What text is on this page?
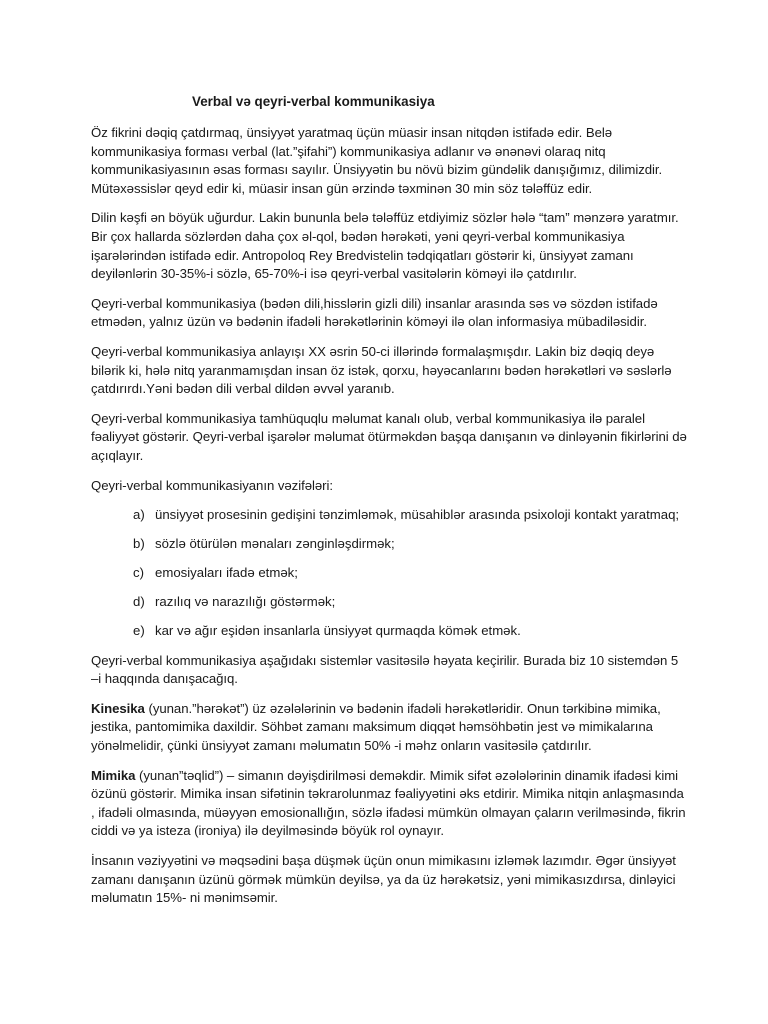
Verbal və qeyri-verbal kommunikasiya

Öz fikrini dəqiq çatdırmaq, ünsiyyət yaratmaq üçün müasir insan nitqdən istifadə edir. Belə kommunikasiya forması verbal (lat.”şifahi”) kommunikasiya adlanır və ənənəvi olaraq nitq kommunikasiyasının əsas forması sayılır. Ünsiyyətin bu növü bizim gündəlik danışığımız, dilimizdir. Mütəxəssislər qeyd edir ki, müasir insan gün ərzində təxminən 30 min söz tələffüz edir.

Dilin kəşfi ən böyük uğurdur. Lakin bununla belə tələffüz etdiyimiz sözlər hələ “tam” mənzərə yaratmır. Bir çox hallarda sözlərdən daha çox əl-qol, bədən hərəkəti, yəni qeyri-verbal kommunikasiya işarələrindən istifadə edir. Antropoloq Rey Bredvistelin tədqiqatları göstərir ki, ünsiyyət zamanı deyilənlərin 30-35%-i sözlə, 65-70%-i isə qeyri-verbal vasitələrin köməyi ilə çatdırılır.

Qeyri-verbal kommunikasiya (bədən dili,hisslərin gizli dili) insanlar arasında səs və sözdən istifadə etmədən, yalnız üzün və bədənin ifadəli hərəkətlərinin köməyi ilə olan informasiya mübadiləsidir.

Qeyri-verbal kommunikasiya anlayışı XX əsrin 50-ci illərində formalaşmışdır. Lakin biz dəqiq deyə bilərik ki, hələ nitq yaranmamışdan insan öz istək, qorxu, həyəcanlarını bədən hərəkətləri və səslərlə çatdırırdı.Yəni bədən dili verbal dildən əvvəl yaranıb.

Qeyri-verbal kommunikasiya tamhüquqlu məlumat kanalı olub, verbal kommunikasiya ilə paralel fəaliyyət göstərir. Qeyri-verbal işarələr məlumat ötürməkdən başqa danışanın və dinləyənin fikirlərini də açıqlayır.

Qeyri-verbal kommunikasiyanın vəzifələri:

a) ünsiyyət prosesinin gedişini tənzimləmək, müsahiblər arasında psixoloji kontakt yaratmaq;
b) sözlə ötürülən mənaları zənginləşdirmək;
c) emosiyaları ifadə etmək;
d) razılıq və narazılığı göstərmək;
e) kar və ağır eşidən insanlarla ünsiyyət qurmaqda kömək etmək.

Qeyri-verbal kommunikasiya aşağıdakı sistemlər vasitəsilə həyata keçirilir. Burada biz 10 sistemdən 5 –i haqqında danışacağıq.

Kinesika (yunan.”hərəkət”) üz əzələlərinin və bədənin ifadəli hərəkətləridir. Onun tərkibinə mimika, jestika, pantomimika daxildir. Söhbət zamanı maksimum diqqət həmsöhbətin jest və mimikalarına yönəlmelidir, çünki ünsiyyət zamanı məlumatın 50% -i məhz onların vasitəsilə çatdırılır.

Mimika (yunan”təqlid”) – simanın dəyişdirilməsi deməkdir. Mimik sifət əzələlərinin dinamik ifadəsi kimi özünü göstərir. Mimika insan sifətinin təkrarolunmaz fəaliyyətini əks etdirir. Mimika nitqin anlaşmasında , ifadəli olmasında, müəyyən emosionallığın, sözlə ifadəsi mümkün olmayan çaların verilməsində, fikrin ciddi və ya isteza (ironiya) ilə deyilməsində böyük rol oynayır.

İnsanın vəziyyətini və məqsədini başa düşmək üçün onun mimikasını izləmək lazımdır. Əgər ünsiyyət zamanı danışanın üzünü görmək mümkün deyilsə, ya da üz hərəkətsiz, yəni mimikasızdırsa, dinləyici məlumatın 15%- ni mənimsəmir.
